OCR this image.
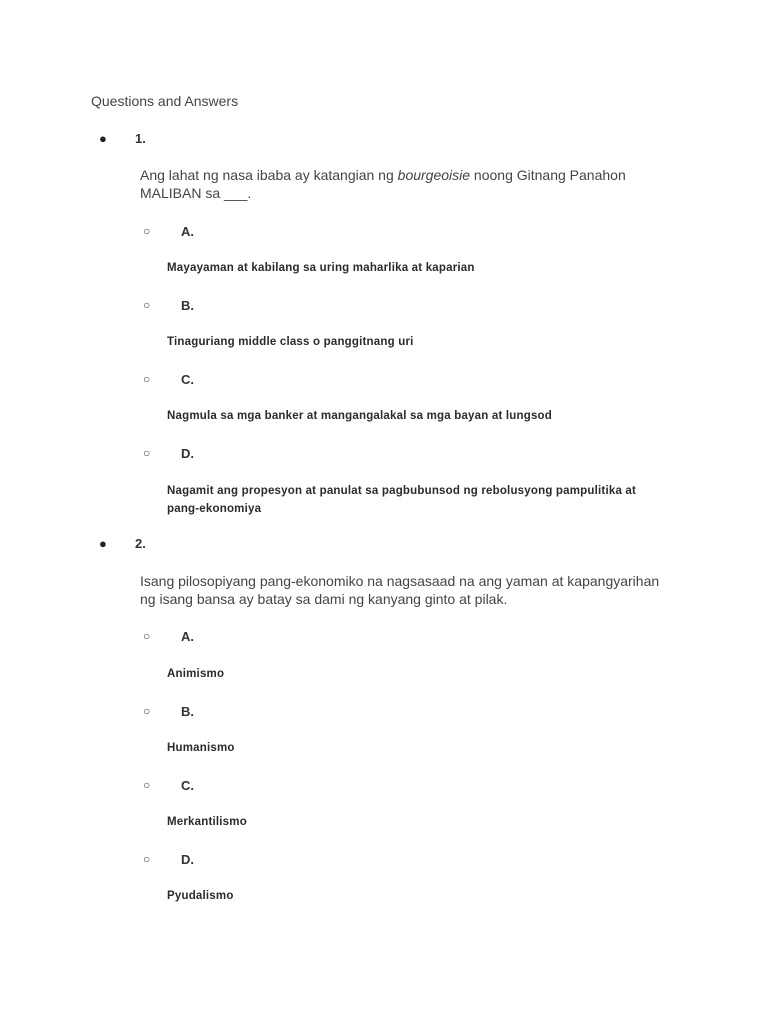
Questions and Answers
● 1.
Ang lahat ng nasa ibaba ay katangian ng bourgeoisie noong Gitnang Panahon MALIBAN sa ___.
○ A.
Mayayaman at kabilang sa uring maharlika at kaparian
○ B.
Tinaguriang middle class o panggitnang uri
○ C.
Nagmula sa mga banker at mangangalakal sa mga bayan at lungsod
○ D.
Nagamit ang propesyon at panulat sa pagbubunsod ng rebolusyong pampulitika at pang-ekonomiya
● 2.
Isang pilosopiyang pang-ekonomiko na nagsasaad na ang yaman at kapangyarihan ng isang bansa ay batay sa dami ng kanyang ginto at pilak.
○ A.
Animismo
○ B.
Humanismo
○ C.
Merkantilismo
○ D.
Pyudalismo
